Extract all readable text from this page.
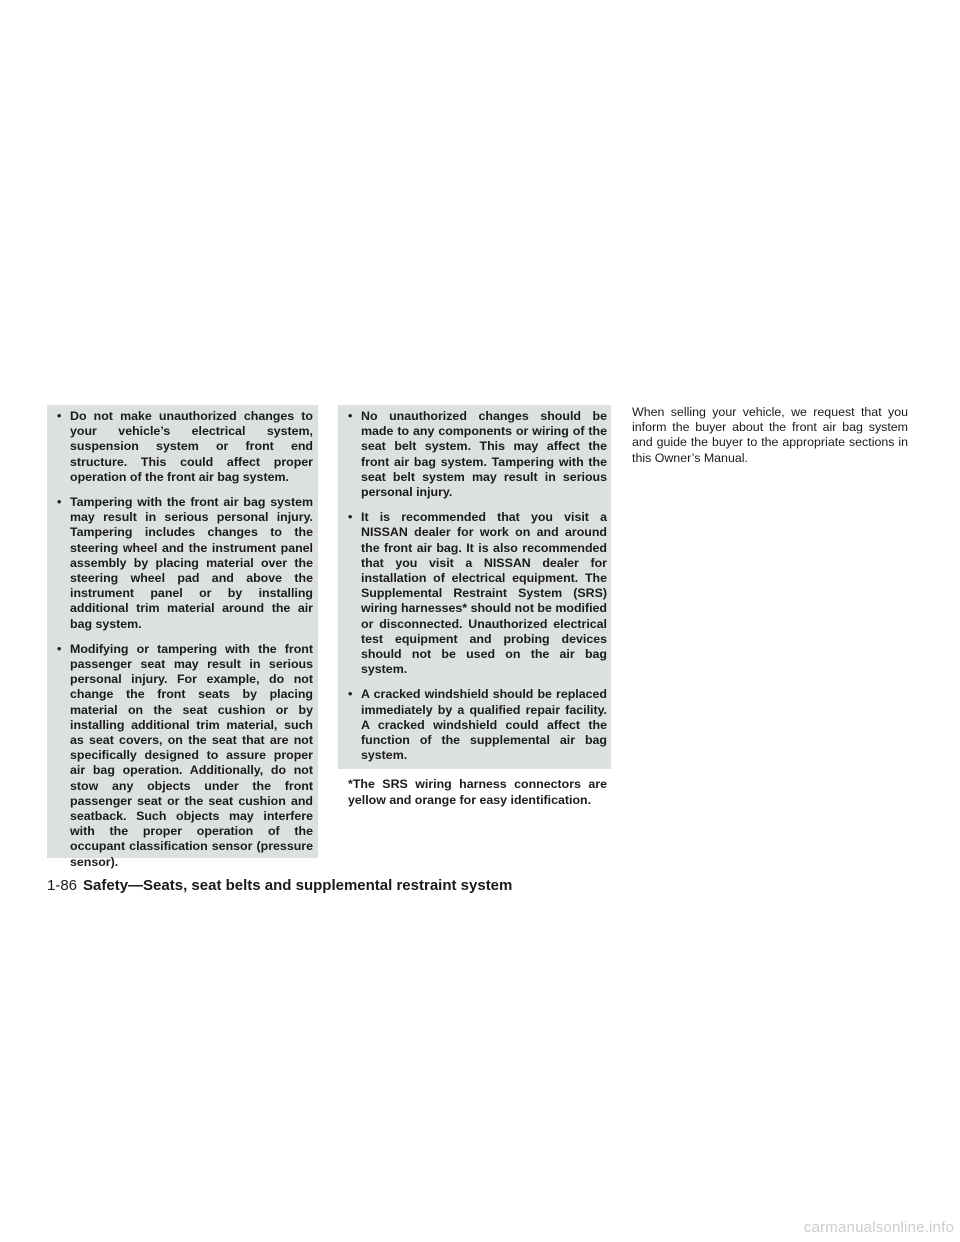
• Do not make unauthorized changes to your vehicle’s electrical system, suspension system or front end structure. This could affect proper operation of the front air bag system.
• Tampering with the front air bag system may result in serious personal injury. Tampering includes changes to the steering wheel and the instrument panel assembly by placing material over the steering wheel pad and above the instrument panel or by installing additional trim material around the air bag system.
• Modifying or tampering with the front passenger seat may result in serious personal injury. For example, do not change the front seats by placing material on the seat cushion or by installing additional trim material, such as seat covers, on the seat that are not specifically designed to assure proper air bag operation. Additionally, do not stow any objects under the front passenger seat or the seat cushion and seatback. Such objects may interfere with the proper operation of the occupant classification sensor (pressure sensor).
• No unauthorized changes should be made to any components or wiring of the seat belt system. This may affect the front air bag system. Tampering with the seat belt system may result in serious personal injury.
• It is recommended that you visit a NISSAN dealer for work on and around the front air bag. It is also recommended that you visit a NISSAN dealer for installation of electrical equipment. The Supplemental Restraint System (SRS) wiring harnesses* should not be modified or disconnected. Unauthorized electrical test equipment and probing devices should not be used on the air bag system.
• A cracked windshield should be replaced immediately by a qualified repair facility. A cracked windshield could affect the function of the supplemental air bag system.
*The SRS wiring harness connectors are yellow and orange for easy identification.
When selling your vehicle, we request that you inform the buyer about the front air bag system and guide the buyer to the appropriate sections in this Owner’s Manual.
1-86 Safety—Seats, seat belts and supplemental restraint system
carmanualsonline.info
